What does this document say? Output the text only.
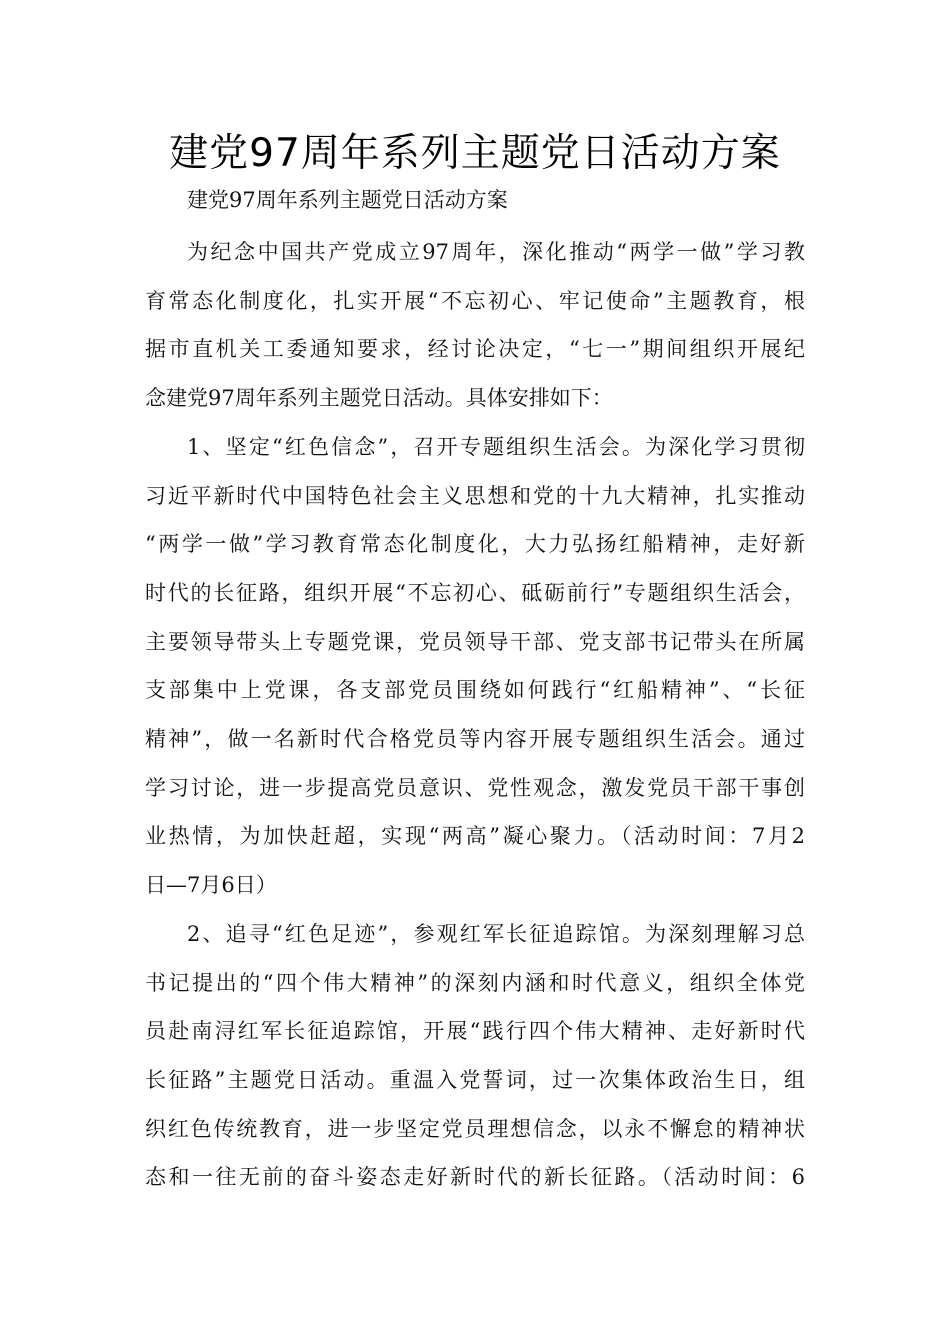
建党97周年系列主题党日活动方案

建党97周年系列主题党日活动方案

为纪念中国共产党成立97周年，深化推动“两学一做”学习教
育常态化制度化，扎实开展“不忘初心、牢记使命”主题教育，根
据市直机关工委通知要求，经讨论决定，“七一”期间组织开展纪
念建党97周年系列主题党日活动。具体安排如下：

1、坚定“红色信念”，召开专题组织生活会。为深化学习贯彻
习近平新时代中国特色社会主义思想和党的十九大精神，扎实推动
“两学一做”学习教育常态化制度化，大力弘扬红船精神，走好新
时代的长征路，组织开展“不忘初心、砥砺前行”专题组织生活会，
主要领导带头上专题党课，党员领导干部、党支部书记带头在所属
支部集中上党课，各支部党员围绕如何践行“红船精神”、“长征
精神”，做一名新时代合格党员等内容开展专题组织生活会。通过
学习讨论，进一步提高党员意识、党性观念，激发党员干部干事创
业热情，为加快赶超，实现“两高”凝心聚力。（活动时间：7月2
日—7月6日）

2、追寻“红色足迹”，参观红军长征追踪馆。为深刻理解习总
书记提出的“四个伟大精神”的深刻内涵和时代意义，组织全体党
员赴南浔红军长征追踪馆，开展“践行四个伟大精神、走好新时代
长征路”主题党日活动。重温入党誓词，过一次集体政治生日，组
织红色传统教育，进一步坚定党员理想信念，以永不懈怠的精神状
态和一往无前的奋斗姿态走好新时代的新长征路。（活动时间：6
